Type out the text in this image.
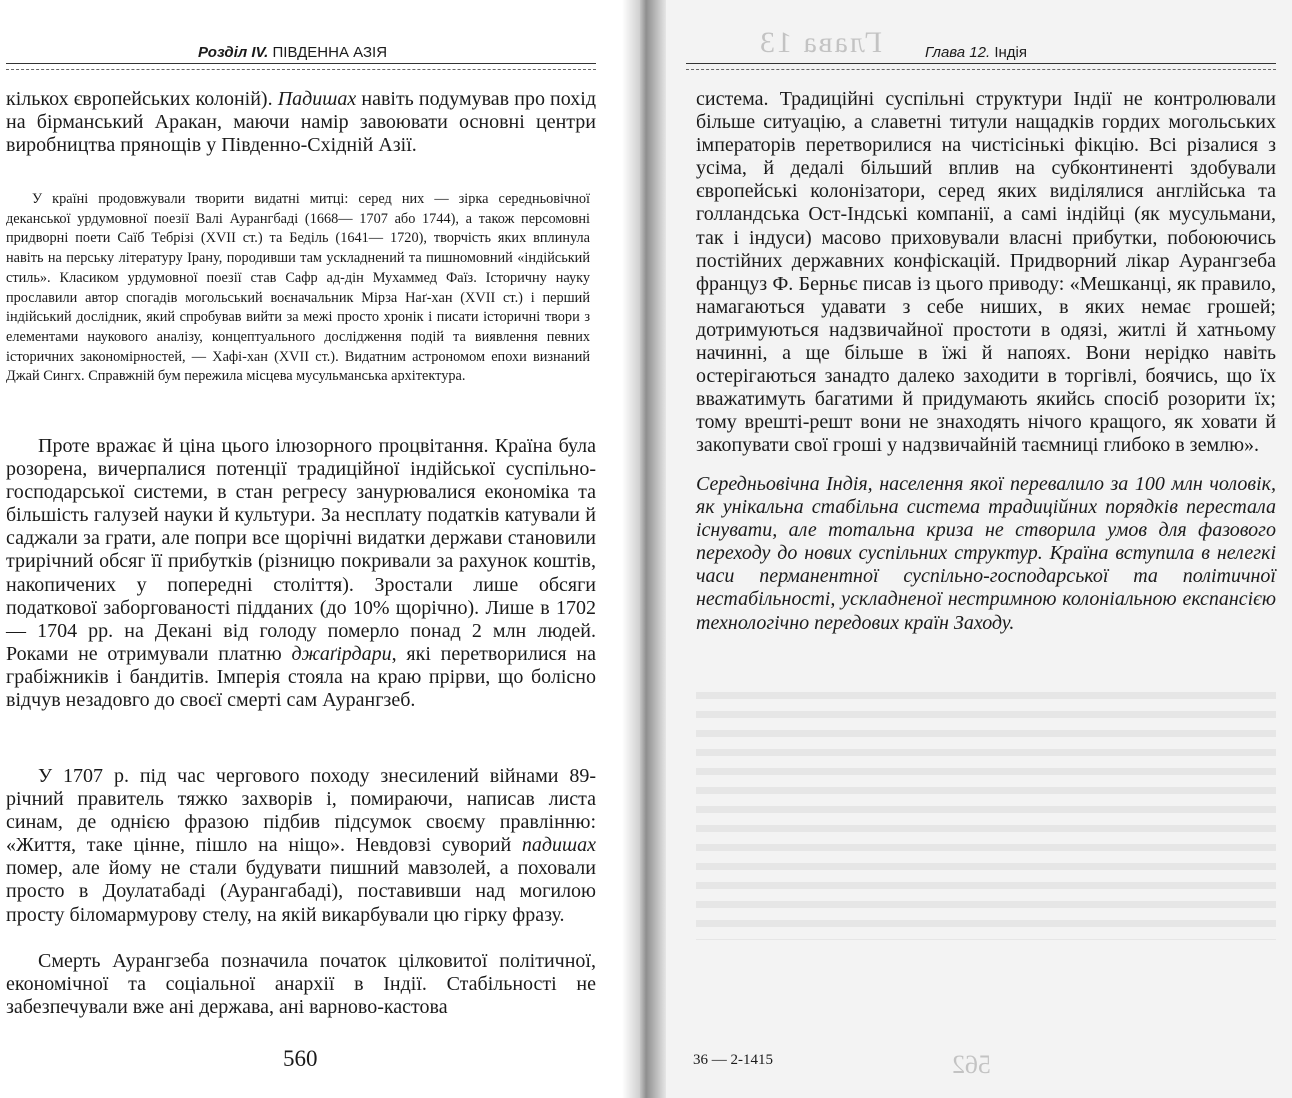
Розділ IV. ПІВДЕННА АЗІЯ

кількох європейських колоній). Падишах навіть подумував про похід на бірманський Аракан, маючи намір завоювати основні центри виробництва прянощів у Південно-Східній Азії.

У країні продовжували творити видатні митці: серед них — зірка середньовічної деканської урдумовної поезії Валі Аурангбаді (1668— 1707 або 1744), а також персомовні придворні поети Саїб Тебрізі (XVII ст.) та Беділь (1641— 1720), творчість яких вплинула навіть на перську літературу Ірану, породивши там ускладнений та пишномовний «індійський стиль». Класиком урдумовної поезії став Сафр ад-дін Мухаммед Фаїз. Історичну науку прославили автор спогадів могольський воєначальник Мірза Наґ-хан (XVII ст.) і перший індійський дослідник, який спробував вийти за межі просто хронік і писати історичні твори з елементами наукового аналізу, концептуального дослідження подій та виявлення певних історичних закономірностей, — Хафі-хан (XVII ст.). Видатним астрономом епохи визнаний Джай Сингх. Справжній бум пережила місцева мусульманська архітектура.

Проте вражає й ціна цього ілюзорного процвітання. Країна була розорена, вичерпалися потенції традиційної індійської суспільно-господарської системи, в стан регресу занурювалися економіка та більшість галузей науки й культури. За несплату податків катували й саджали за грати, але попри все щорічні видатки держави становили трирічний обсяг її прибутків (різницю покривали за рахунок коштів, накопичених у попередні століття). Зростали лише обсяги податкової заборгованості підданих (до 10% щорічно). Лише в 1702— 1704 рр. на Декані від голоду померло понад 2 млн людей. Роками не отримували платню джаґірдари, які перетворилися на грабіжників і бандитів. Імперія стояла на краю прірви, що болісно відчув незадовго до своєї смерті сам Аурангзеб.

У 1707 р. під час чергового походу знесилений війнами 89-річний правитель тяжко захворів і, помираючи, написав листа синам, де однією фразою підбив підсумок своєму правлінню: «Життя, таке цінне, пішло на ніщо». Невдовзі суворий падишах помер, але йому не стали будувати пишний мавзолей, а поховали просто в Доулатабаді (Аурангабаді), поставивши над могилою просту біломармурову стелу, на якій викарбували цю гірку фразу.

Смерть Аурангзеба позначила початок цілковитої політичної, економічної та соціальної анархії в Індії. Стабільності не забезпечували вже ані держава, ані варново-кастова

560
Глава 13
562
Глава 12. Індія

система. Традиційні суспільні структури Індії не контролювали більше ситуацію, а славетні титули нащадків гордих могольських імператорів перетворилися на чистісінькі фікцію. Всі різалися з усіма, й дедалі більший вплив на субконтиненті здобували європейські колонізатори, серед яких виділялися англійська та голландська Ост-Індські компанії, а самі індійці (як мусульмани, так і індуси) масово приховували власні прибутки, побоюючись постійних державних конфіскацій. Придворний лікар Аурангзеба француз Ф. Берньє писав із цього приводу: «Мешканці, як правило, намагаються удавати з себе ниших, в яких немає грошей; дотримуються надзвичайної простоти в одязі, житлі й хатньому начинні, а ще більше в їжі й напоях. Вони нерідко навіть остерігаються занадто далеко заходити в торгівлі, боячись, що їх вважатимуть багатими й придумають якийсь спосіб розорити їх; тому врешті-решт вони не знаходять нічого кращого, як ховати й закопувати свої гроші у надзвичайній таємниці глибоко в землю».

Середньовічна Індія, населення якої перевалило за 100 млн чоловік, як унікальна стабільна система традиційних порядків перестала існувати, але тотальна криза не створила умов для фазового переходу до нових суспільних структур. Країна вступила в нелегкі часи перманентної суспільно-господарської та політичної нестабільності, ускладненої нестримною колоніальною експансією технологічно передових країн Заходу.

36 — 2-1415
